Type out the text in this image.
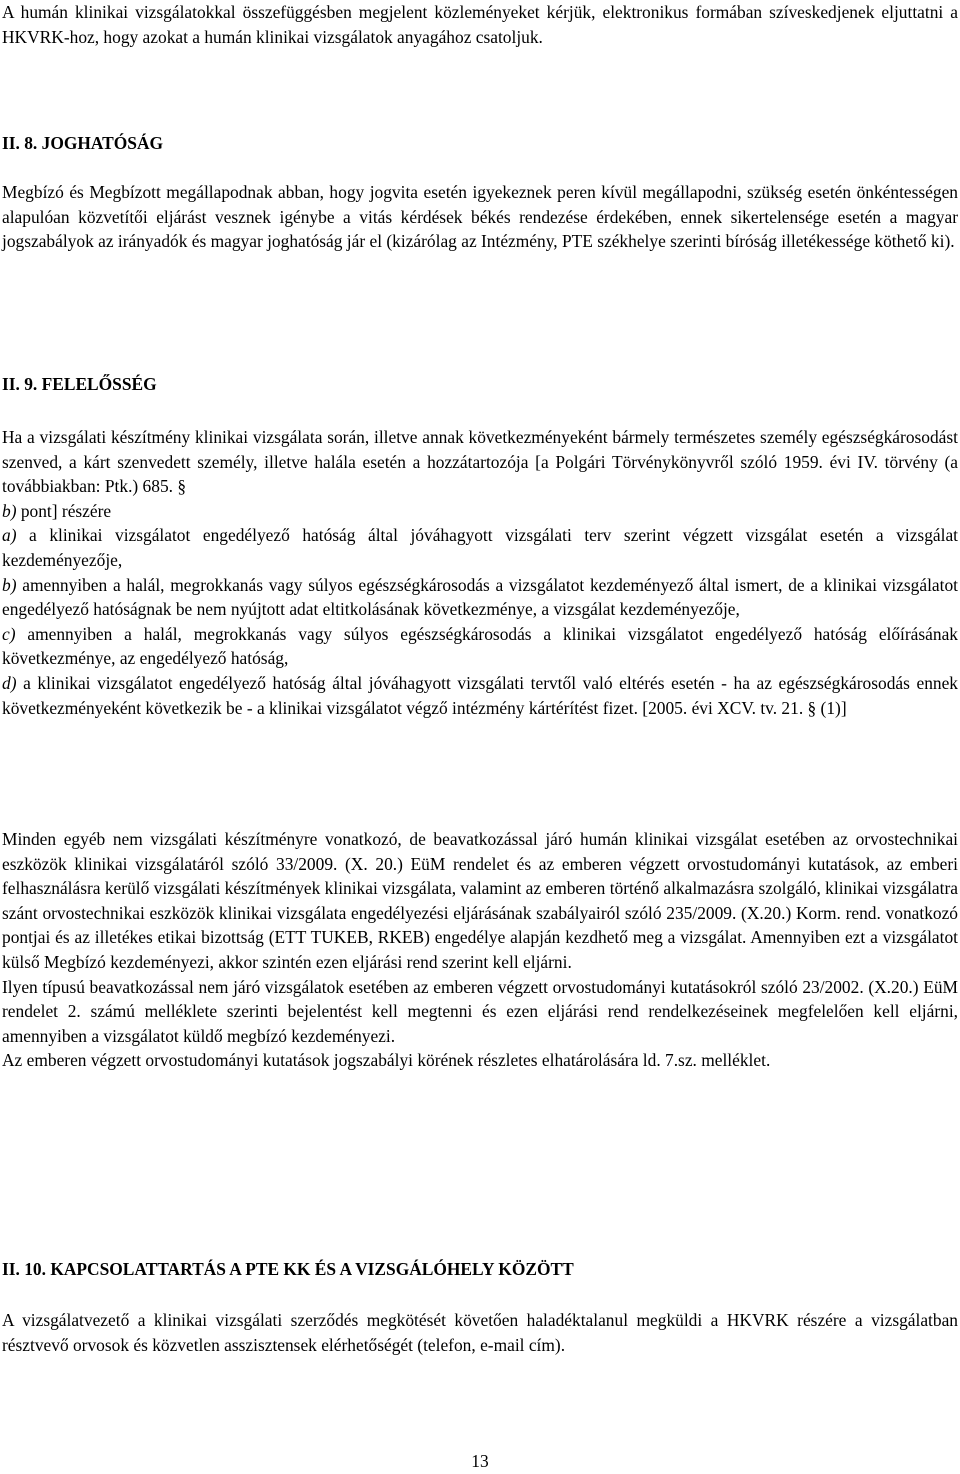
A humán klinikai vizsgálatokkal összefüggésben megjelent közleményeket kérjük, elektronikus formában szíveskedjenek eljuttatni a HKVRK-hoz, hogy azokat a humán klinikai vizsgálatok anyagához csatoljuk.

II. 8. JOGHATÓSÁG

Megbízó és Megbízott megállapodnak abban, hogy jogvita esetén igyekeznek peren kívül megállapodni, szükség esetén önkéntességen alapulóan közvetítői eljárást vesznek igénybe a vitás kérdések békés rendezése érdekében, ennek sikertelensége esetén a magyar jogszabályok az irányadók és magyar joghatóság jár el (kizárólag az Intézmény, PTE székhelye szerinti bíróság illetékessége köthető ki).

II. 9. FELELŐSSÉG

Ha a vizsgálati készítmény klinikai vizsgálata során, illetve annak következményeként bármely természetes személy egészségkárosodást szenved, a kárt szenvedett személy, illetve halála esetén a hozzátartozója [a Polgári Törvénykönyvről szóló 1959. évi IV. törvény (a továbbiakban: Ptk.) 685. §
b) pont] részére

a) a klinikai vizsgálatot engedélyező hatóság által jóváhagyott vizsgálati terv szerint végzett vizsgálat esetén a vizsgálat kezdeményezője,

b) amennyiben a halál, megrokkanás vagy súlyos egészségkárosodás a vizsgálatot kezdeményező által ismert, de a klinikai vizsgálatot engedélyező hatóságnak be nem nyújtott adat eltitkolásának következménye, a vizsgálat kezdeményezője,

c) amennyiben a halál, megrokkanás vagy súlyos egészségkárosodás a klinikai vizsgálatot engedélyező hatóság előírásának következménye, az engedélyező hatóság,

d) a klinikai vizsgálatot engedélyező hatóság által jóváhagyott vizsgálati tervtől való eltérés esetén - ha az egészségkárosodás ennek következményeként következik be - a klinikai vizsgálatot végző intézmény kártérítést fizet. [2005. évi XCV. tv. 21. § (1)]

Minden egyéb nem vizsgálati készítményre vonatkozó, de beavatkozással járó humán klinikai vizsgálat esetében az orvostechnikai eszközök klinikai vizsgálatáról szóló 33/2009. (X. 20.) EüM rendelet és az emberen végzett orvostudományi kutatások, az emberi felhasználásra kerülő vizsgálati készítmények klinikai vizsgálata, valamint az emberen történő alkalmazásra szolgáló, klinikai vizsgálatra szánt orvostechnikai eszközök klinikai vizsgálata engedélyezési eljárásának szabályairól szóló 235/2009. (X.20.) Korm. rend. vonatkozó pontjai és az illetékes etikai bizottság (ETT TUKEB, RKEB) engedélye alapján kezdhető meg a vizsgálat. Amennyiben ezt a vizsgálatot külső Megbízó kezdeményezi, akkor szintén ezen eljárási rend szerint kell eljárni.

Ilyen típusú beavatkozással nem járó vizsgálatok esetében az emberen végzett orvostudományi kutatásokról szóló 23/2002. (X.20.) EüM rendelet 2. számú melléklete szerinti bejelentést kell megtenni és ezen eljárási rend rendelkezéseinek megfelelően kell eljárni, amennyiben a vizsgálatot küldő megbízó kezdeményezi.

Az emberen végzett orvostudományi kutatások jogszabályi körének részletes elhatárolására ld. 7.sz. melléklet.

II. 10. KAPCSOLATTARTÁS A PTE KK ÉS A VIZSGÁLÓHELY KÖZÖTT

A vizsgálatvezető a klinikai vizsgálati szerződés megkötését követően haladéktalanul megküldi a HKVRK részére a vizsgálatban résztvevő orvosok és közvetlen asszisztensek elérhetőségét (telefon, e-mail cím).

13
